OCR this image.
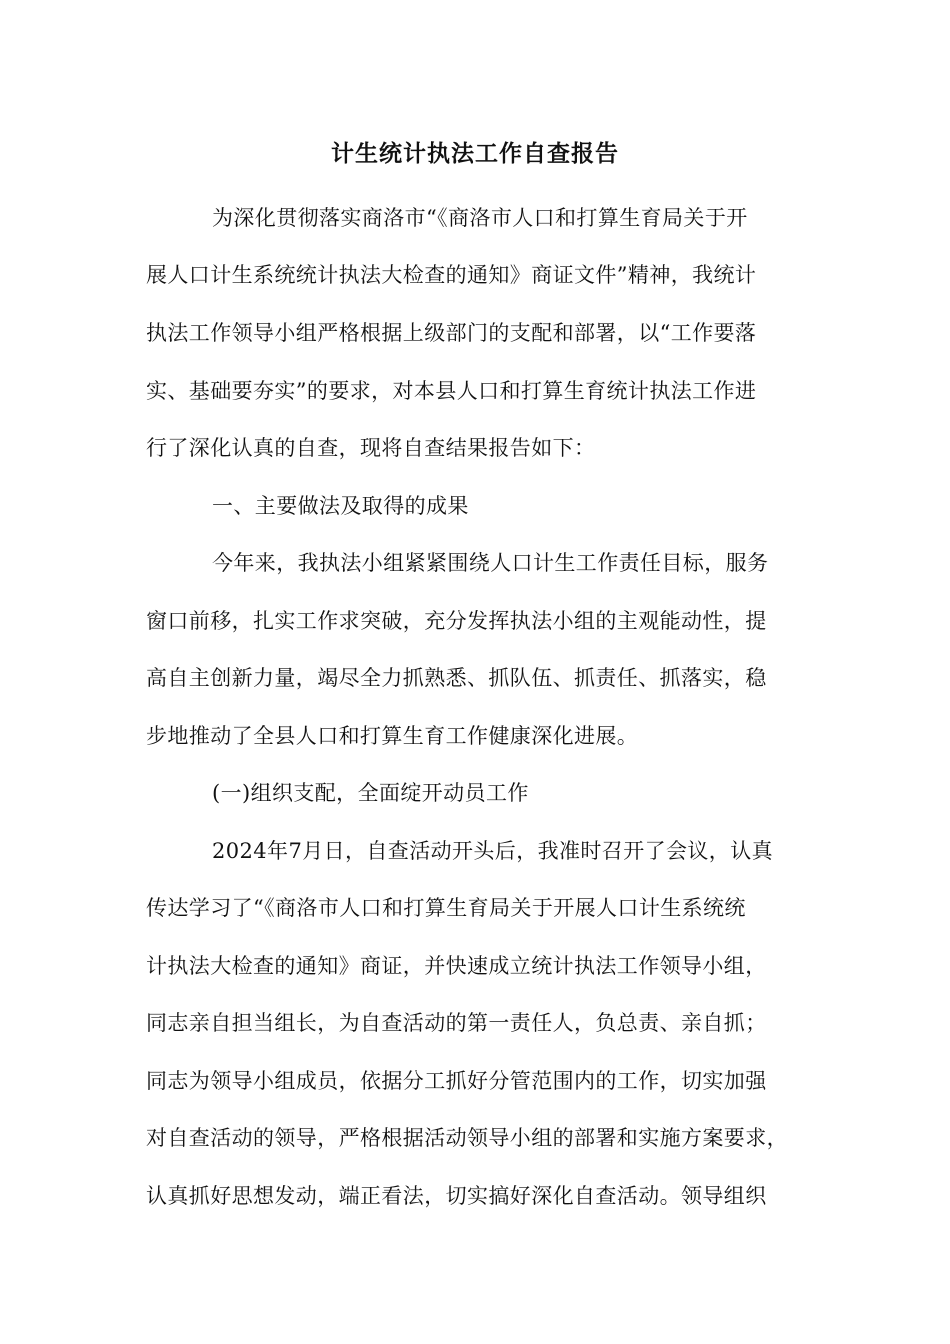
计生统计执法工作自查报告
为深化贯彻落实商洛市“《商洛市人口和打算生育局关于开
展人口计生系统统计执法大检查的通知》商证文件”精神，我统计
执法工作领导小组严格根据上级部门的支配和部署，以“工作要落
实、基础要夯实”的要求，对本县人口和打算生育统计执法工作进
行了深化认真的自查，现将自查结果报告如下：
一、主要做法及取得的成果
今年来，我执法小组紧紧围绕人口计生工作责任目标，服务
窗口前移，扎实工作求突破，充分发挥执法小组的主观能动性，提
高自主创新力量，竭尽全力抓熟悉、抓队伍、抓责任、抓落实，稳
步地推动了全县人口和打算生育工作健康深化进展。
(一)组织支配，全面绽开动员工作
2024年7月日，自查活动开头后，我准时召开了会议，认真
传达学习了“《商洛市人口和打算生育局关于开展人口计生系统统
计执法大检查的通知》商证，并快速成立统计执法工作领导小组，
同志亲自担当组长，为自查活动的第一责任人，负总责、亲自抓；
同志为领导小组成员，依据分工抓好分管范围内的工作，切实加强
对自查活动的领导，严格根据活动领导小组的部署和实施方案要求，
认真抓好思想发动，端正看法，切实搞好深化自查活动。领导组织
